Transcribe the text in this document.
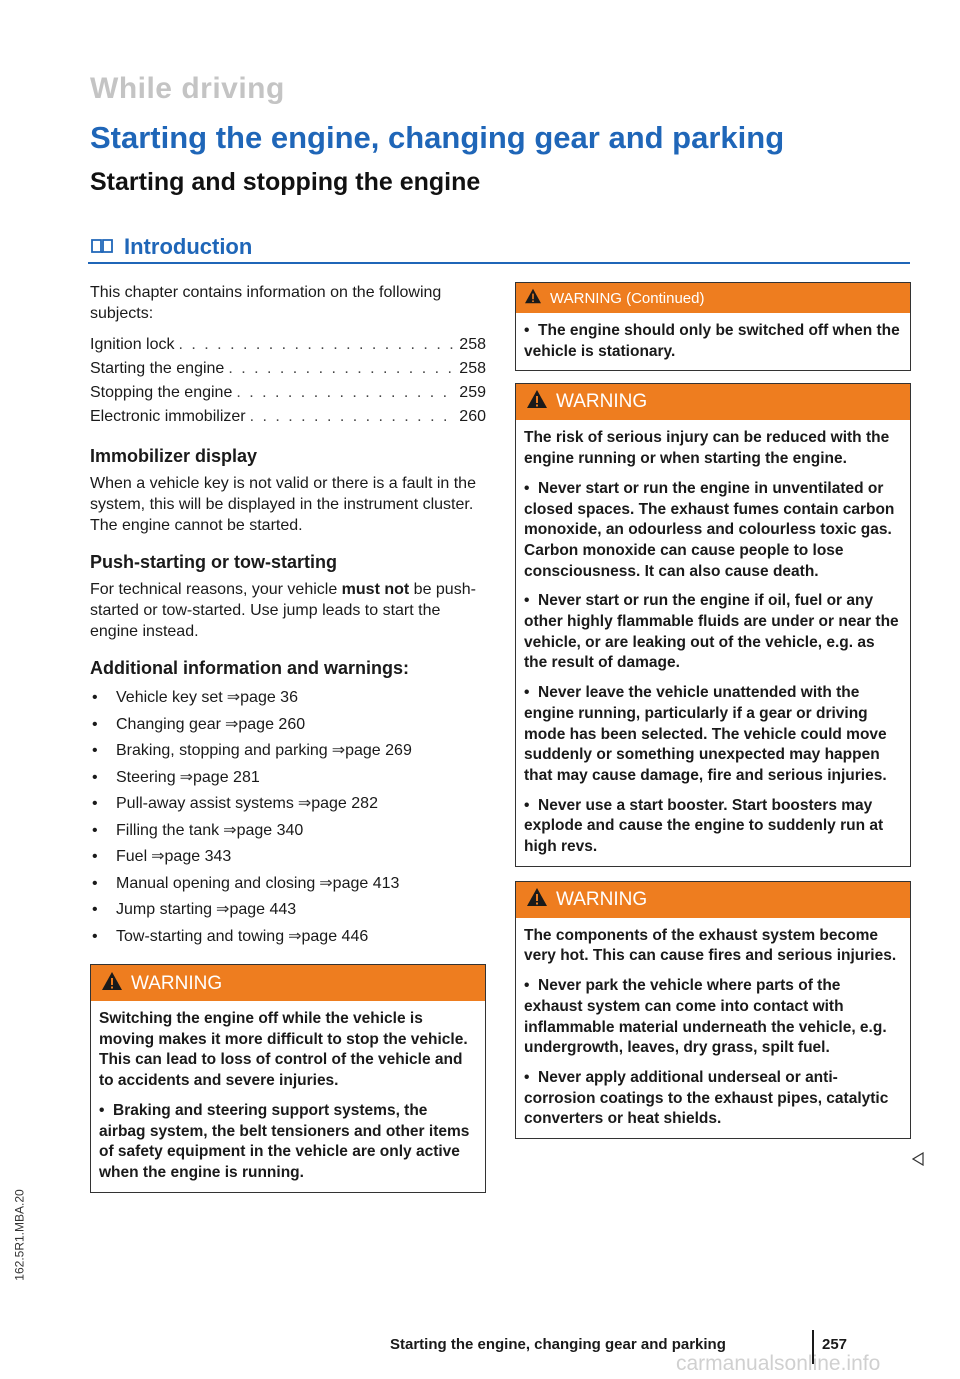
While driving
Starting the engine, changing gear and parking
Starting and stopping the engine
Introduction

This chapter contains information on the following subjects:

Ignition lock . . .	258
Starting the engine . . .	258
Stopping the engine . . .	259
Electronic immobilizer . . .	260
Immobilizer display

When a vehicle key is not valid or there is a fault in the system, this will be displayed in the instrument cluster. The engine cannot be started.

Push-starting or tow-starting

For technical reasons, your vehicle must not be push-started or tow-started. Use jump leads to start the engine instead.

Additional information and warnings:
• Vehicle key set ⇒page 36
• Changing gear ⇒page 260
• Braking, stopping and parking ⇒page 269
• Steering ⇒page 281
• Pull-away assist systems ⇒page 282
• Filling the tank ⇒page 340
• Fuel ⇒page 343
• Manual opening and closing ⇒page 413
• Jump starting ⇒page 443
• Tow-starting and towing ⇒page 446
WARNING

Switching the engine off while the vehicle is moving makes it more difficult to stop the vehicle. This can lead to loss of control of the vehicle and to accidents and severe injuries.

•  Braking and steering support systems, the airbag system, the belt tensioners and other items of safety equipment in the vehicle are only active when the engine is running.

WARNING (Continued)

•  The engine should only be switched off when the vehicle is stationary.

WARNING

The risk of serious injury can be reduced with the engine running or when starting the engine.

•  Never start or run the engine in unventilated or closed spaces. The exhaust fumes contain carbon monoxide, an odourless and colourless toxic gas. Carbon monoxide can cause people to lose consciousness. It can also cause death.

•  Never start or run the engine if oil, fuel or any other highly flammable fluids are under or near the vehicle, or are leaking out of the vehicle, e.g. as the result of damage.

•  Never leave the vehicle unattended with the engine running, particularly if a gear or driving mode has been selected. The vehicle could move suddenly or something unexpected may happen that may cause damage, fire and serious injuries.

•  Never use a start booster. Start boosters may explode and cause the engine to suddenly run at high revs.

WARNING

The components of the exhaust system become very hot. This can cause fires and serious injuries.

•  Never park the vehicle where parts of the exhaust system can come into contact with inflammable material underneath the vehicle, e.g. undergrowth, leaves, dry grass, spilt fuel.

•  Never apply additional underseal or anti-corrosion coatings to the exhaust pipes, catalytic converters or heat shields.

162.5R1.MBA.20
Starting the engine, changing gear and parking	257
carmanualsonline.info
